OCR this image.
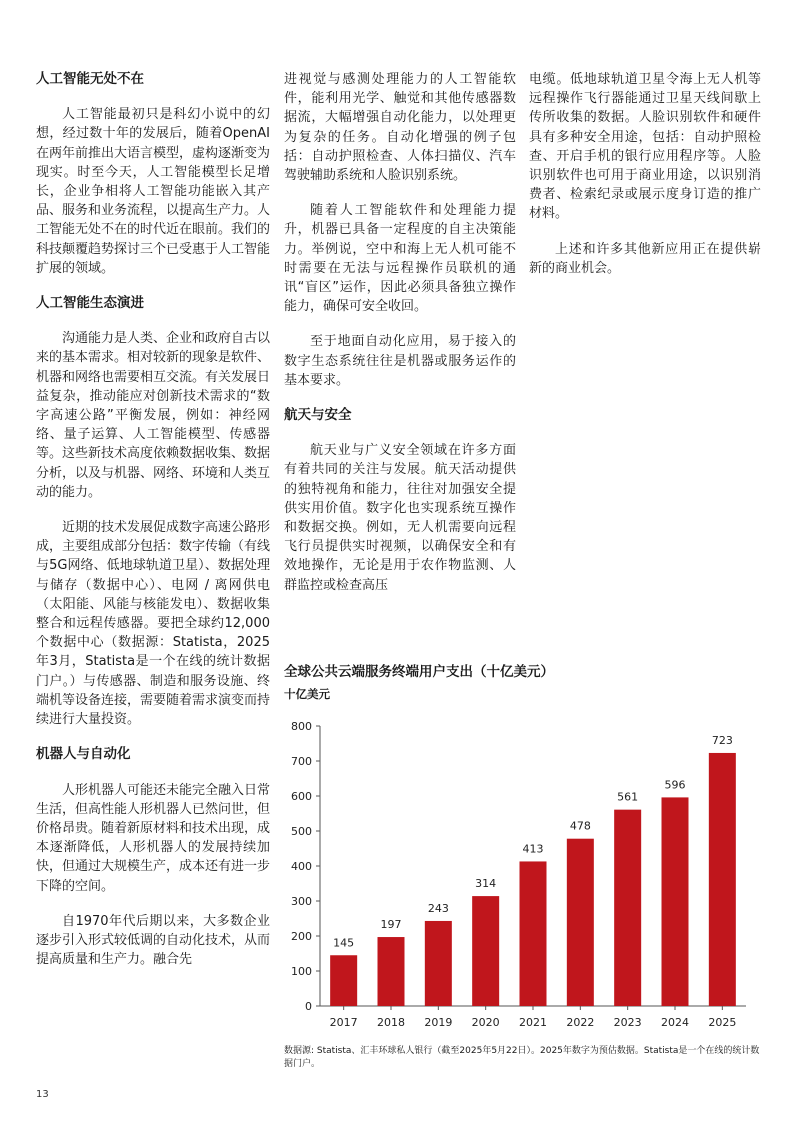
人工智能无处不在

人工智能最初只是科幻小说中的幻想，经过数十年的发展后，随着OpenAI在两年前推出大语言模型，虚构逐渐变为现实。时至今天，人工智能模型长足增长，企业争相将人工智能功能嵌入其产品、服务和业务流程，以提高生产力。人工智能无处不在的时代近在眼前。我们的科技颠覆趋势探讨三个已受惠于人工智能扩展的领域。

人工智能生态演进

沟通能力是人类、企业和政府自古以来的基本需求。相对较新的现象是软件、机器和网络也需要相互交流。有关发展日益复杂，推动能应对创新技术需求的“数字高速公路”平衡发展，例如：神经网络、量子运算、人工智能模型、传感器等。这些新技术高度依赖数据收集、数据分析，以及与机器、网络、环境和人类互动的能力。

近期的技术发展促成数字高速公路形成，主要组成部分包括：数字传输（有线与5G网络、低地球轨道卫星）、数据处理与储存（数据中心）、电网 / 离网供电（太阳能、风能与核能发电）、数据收集整合和远程传感器。要把全球约12,000个数据中心（数据源：Statista，2025年3月，Statista是一个在线的统计数据门户。）与传感器、制造和服务设施、终端机等设备连接，需要随着需求演变而持续进行大量投资。

机器人与自动化

人形机器人可能还未能完全融入日常生活，但高性能人形机器人已然问世，但价格昂贵。随着新原材料和技术出现，成本逐渐降低，人形机器人的发展持续加快，但通过大规模生产，成本还有进一步下降的空间。

自1970年代后期以来，大多数企业逐步引入形式较低调的自动化技术，从而提高质量和生产力。融合先

进视觉与感测处理能力的人工智能软件，能利用光学、触觉和其他传感器数据流，大幅增强自动化能力，以处理更为复杂的任务。自动化增强的例子包括：自动护照检查、人体扫描仪、汽车驾驶辅助系统和人脸识别系统。

随着人工智能软件和处理能力提升，机器已具备一定程度的自主决策能力。举例说，空中和海上无人机可能不时需要在无法与远程操作员联机的通讯“盲区”运作，因此必须具备独立操作能力，确保可安全收回。

至于地面自动化应用，易于接入的数字生态系统往往是机器或服务运作的基本要求。

航天与安全

航天业与广义安全领域在许多方面有着共同的关注与发展。航天活动提供的独特视角和能力，往往对加强安全提供实用价值。数字化也实现系统互操作和数据交换。例如，无人机需要向远程飞行员提供实时视频，以确保安全和有效地操作，无论是用于农作物监测、人群监控或检查高压

电缆。低地球轨道卫星令海上无人机等远程操作飞行器能通过卫星天线间歇上传所收集的数据。人脸识别软件和硬件具有多种安全用途，包括：自动护照检查、开启手机的银行应用程序等。人脸识别软件也可用于商业用途，以识别消费者、检索纪录或展示度身订造的推广材料。

上述和许多其他新应用正在提供崭新的商业机会。

全球公共云端服务终端用户支出（十亿美元）

十亿美元

0
100
200
300
400
500
600
700
800
145
2017
197
2018
243
2019
314
2020
413
2021
478
2022
561
2023
596
2024
723
2025
数据源: Statista、汇丰环球私人银行（截至2025年5月22日）。2025年数字为预估数据。Statista是一个在线的统计数据门户。
13
